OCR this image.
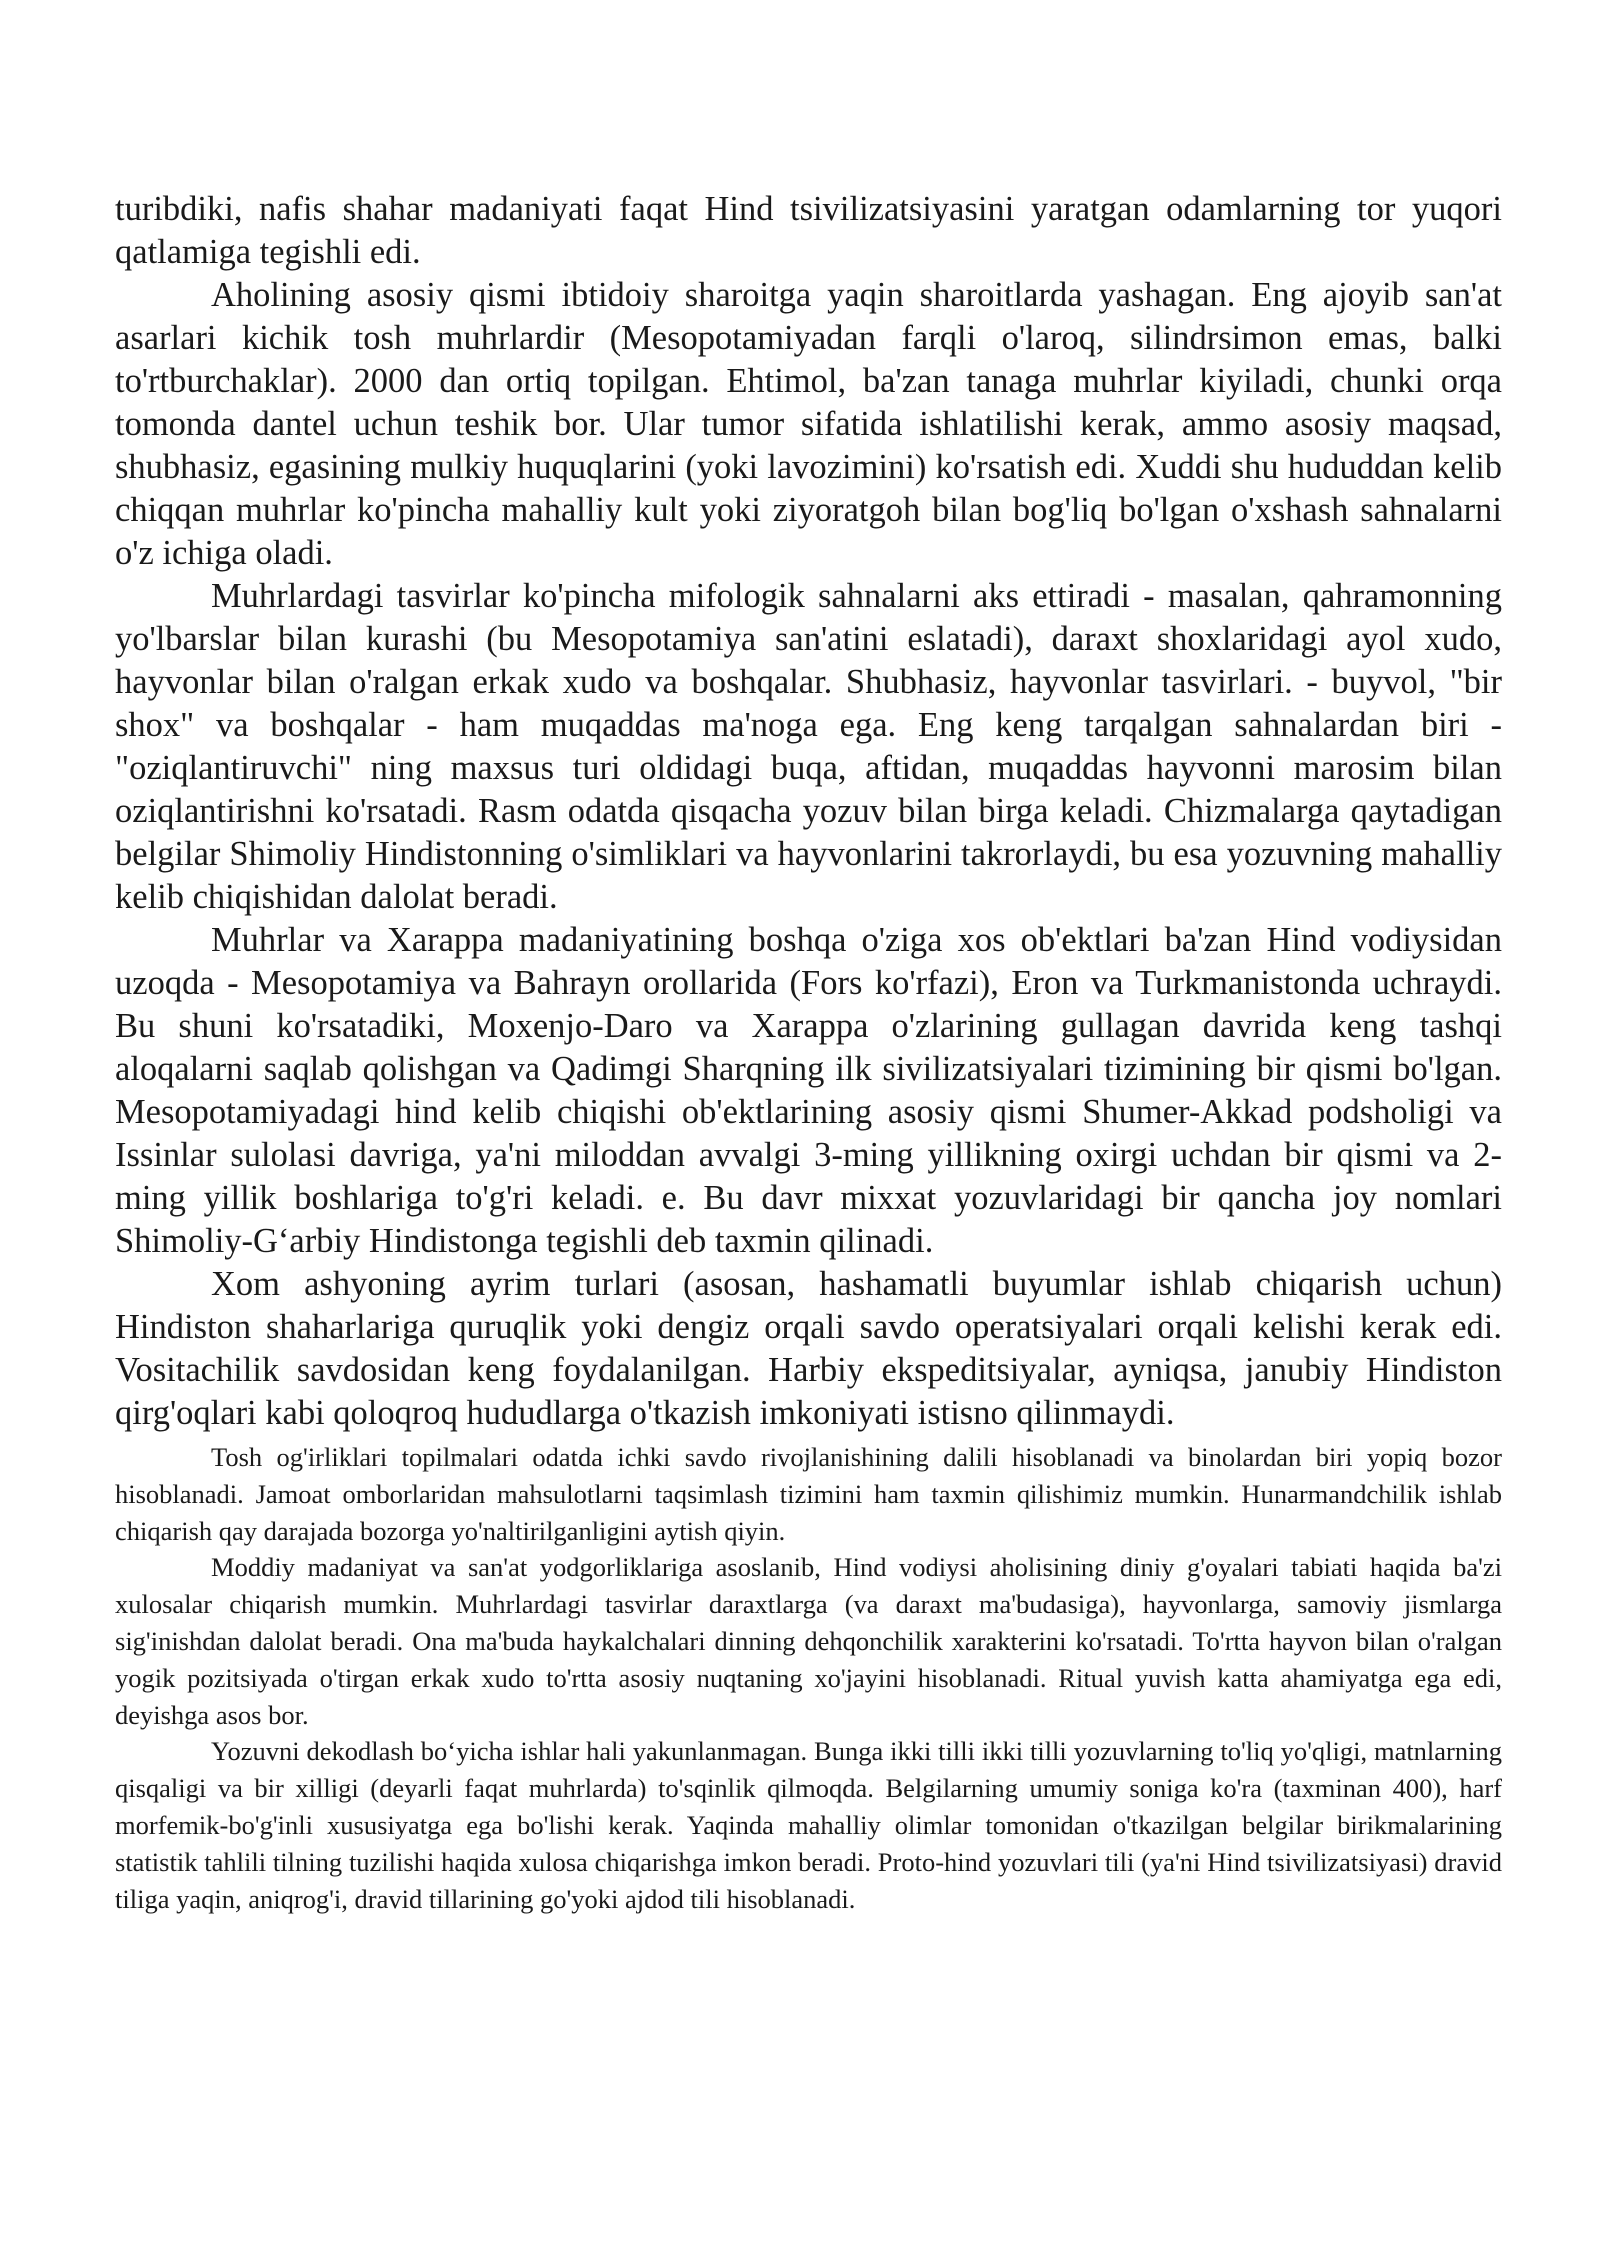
turibdiki, nafis shahar madaniyati faqat Hind tsivilizatsiyasini yaratgan odamlarning tor yuqori qatlamiga tegishli edi.

Aholining asosiy qismi ibtidoiy sharoitga yaqin sharoitlarda yashagan. Eng ajoyib san'at asarlari kichik tosh muhrlardir (Mesopotamiyadan farqli o'laroq, silindrsimon emas, balki to'rtburchaklar). 2000 dan ortiq topilgan. Ehtimol, ba'zan tanaga muhrlar kiyiladi, chunki orqa tomonda dantel uchun teshik bor. Ular tumor sifatida ishlatilishi kerak, ammo asosiy maqsad, shubhasiz, egasining mulkiy huquqlarini (yoki lavozimini) ko'rsatish edi. Xuddi shu hududdan kelib chiqqan muhrlar ko'pincha mahalliy kult yoki ziyoratgoh bilan bog'liq bo'lgan o'xshash sahnalarni o'z ichiga oladi.

Muhrlardagi tasvirlar ko'pincha mifologik sahnalarni aks ettiradi - masalan, qahramonning yo'lbarslar bilan kurashi (bu Mesopotamiya san'atini eslatadi), daraxt shoxlaridagi ayol xudo, hayvonlar bilan o'ralgan erkak xudo va boshqalar. Shubhasiz, hayvonlar tasvirlari. - buyvol, "bir shox" va boshqalar - ham muqaddas ma'noga ega. Eng keng tarqalgan sahnalardan biri - "oziqlantiruvchi" ning maxsus turi oldidagi buqa, aftidan, muqaddas hayvonni marosim bilan oziqlantirishni ko'rsatadi. Rasm odatda qisqacha yozuv bilan birga keladi. Chizmalarga qaytadigan belgilar Shimoliy Hindistonning o'simliklari va hayvonlarini takrorlaydi, bu esa yozuvning mahalliy kelib chiqishidan dalolat beradi.

Muhrlar va Xarappa madaniyatining boshqa o'ziga xos ob'ektlari ba'zan Hind vodiysidan uzoqda - Mesopotamiya va Bahrayn orollarida (Fors ko'rfazi), Eron va Turkmanistonda uchraydi. Bu shuni ko'rsatadiki, Moxenjo-Daro va Xarappa o'zlarining gullagan davrida keng tashqi aloqalarni saqlab qolishgan va Qadimgi Sharqning ilk sivilizatsiyalari tizimining bir qismi bo'lgan. Mesopotamiyadagi hind kelib chiqishi ob'ektlarining asosiy qismi Shumer-Akkad podsholigi va Issinlar sulolasi davriga, ya'ni miloddan avvalgi 3-ming yillikning oxirgi uchdan bir qismi va 2-ming yillik boshlariga to'g'ri keladi. e. Bu davr mixxat yozuvlaridagi bir qancha joy nomlari Shimoliy-G‘arbiy Hindistonga tegishli deb taxmin qilinadi.

Xom ashyoning ayrim turlari (asosan, hashamatli buyumlar ishlab chiqarish uchun) Hindiston shaharlariga quruqlik yoki dengiz orqali savdo operatsiyalari orqali kelishi kerak edi. Vositachilik savdosidan keng foydalanilgan. Harbiy ekspeditsiyalar, ayniqsa, janubiy Hindiston qirg'oqlari kabi qoloqroq hududlarga o'tkazish imkoniyati istisno qilinmaydi.

Tosh og'irliklari topilmalari odatda ichki savdo rivojlanishining dalili hisoblanadi va binolardan biri yopiq bozor hisoblanadi. Jamoat omborlaridan mahsulotlarni taqsimlash tizimini ham taxmin qilishimiz mumkin. Hunarmandchilik ishlab chiqarish qay darajada bozorga yo'naltirilganligini aytish qiyin.

Moddiy madaniyat va san'at yodgorliklariga asoslanib, Hind vodiysi aholisining diniy g'oyalari tabiati haqida ba'zi xulosalar chiqarish mumkin. Muhrlardagi tasvirlar daraxtlarga (va daraxt ma'budasiga), hayvonlarga, samoviy jismlarga sig'inishdan dalolat beradi. Ona ma'buda haykalchalari dinning dehqonchilik xarakterini ko'rsatadi. To'rtta hayvon bilan o'ralgan yogik pozitsiyada o'tirgan erkak xudo to'rtta asosiy nuqtaning xo'jayini hisoblanadi. Ritual yuvish katta ahamiyatga ega edi, deyishga asos bor.

Yozuvni dekodlash bo‘yicha ishlar hali yakunlanmagan. Bunga ikki tilli ikki tilli yozuvlarning to'liq yo'qligi, matnlarning qisqaligi va bir xilligi (deyarli faqat muhrlarda) to'sqinlik qilmoqda. Belgilarning umumiy soniga ko'ra (taxminan 400), harf morfemik-bo'g'inli xususiyatga ega bo'lishi kerak. Yaqinda mahalliy olimlar tomonidan o'tkazilgan belgilar birikmalarining statistik tahlili tilning tuzilishi haqida xulosa chiqarishga imkon beradi. Proto-hind yozuvlari tili (ya'ni Hind tsivilizatsiyasi) dravid tiliga yaqin, aniqrog'i, dravid tillarining go'yoki ajdod tili hisoblanadi.
